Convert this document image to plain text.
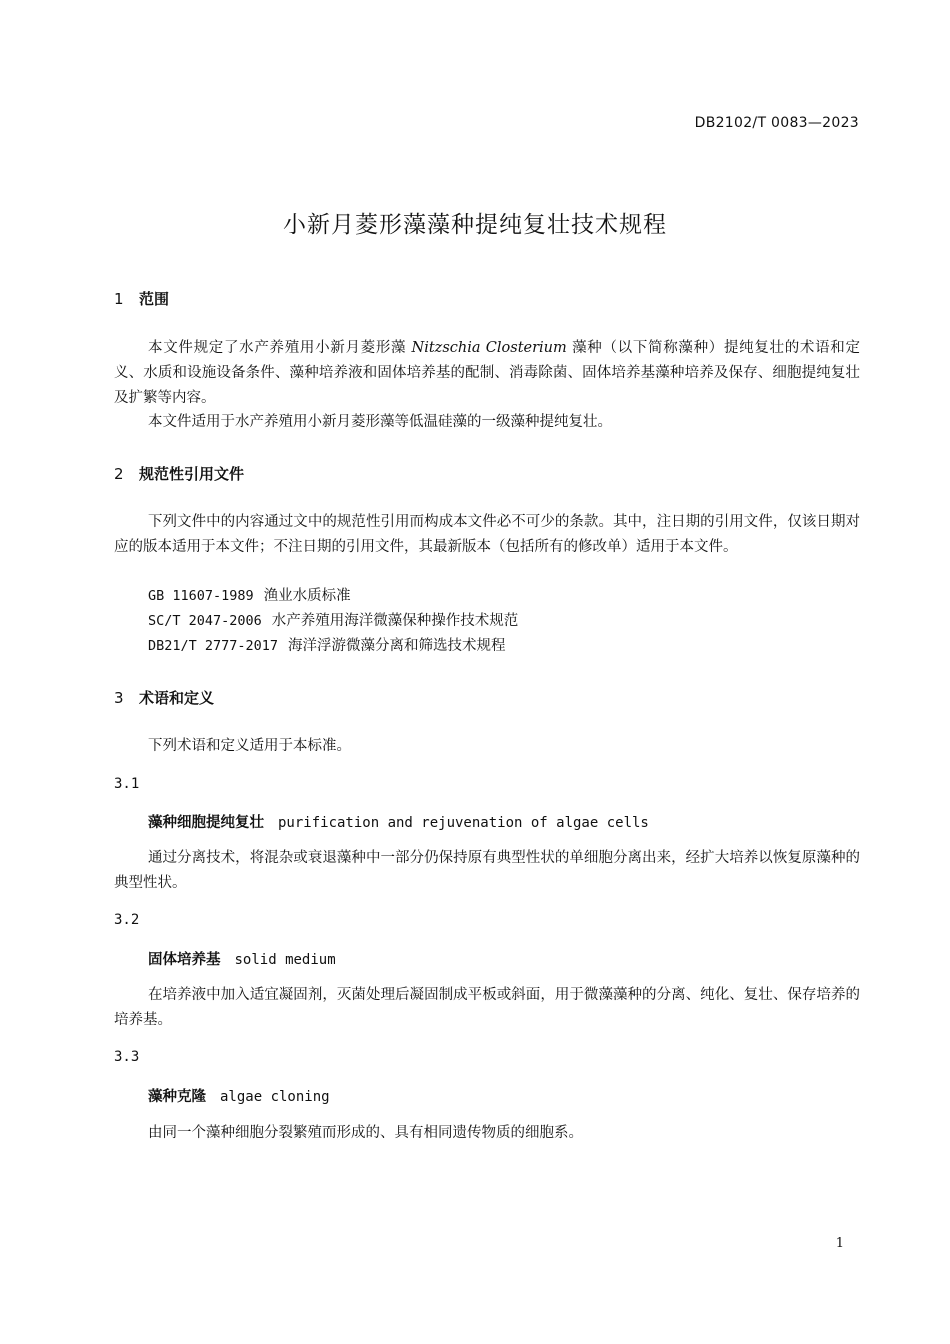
DB2102/T 0083—2023
小新月菱形藻藻种提纯复壮技术规程
1 范围
本文件规定了水产养殖用小新月菱形藻 Nitzschia Closterium 藻种（以下简称藻种）提纯复壮的术语和定义、水质和设施设备条件、藻种培养液和固体培养基的配制、消毒除菌、固体培养基藻种培养及保存、细胞提纯复壮及扩繁等内容。
本文件适用于水产养殖用小新月菱形藻等低温硅藻的一级藻种提纯复壮。
2 规范性引用文件
下列文件中的内容通过文中的规范性引用而构成本文件必不可少的条款。其中，注日期的引用文件，仅该日期对应的版本适用于本文件；不注日期的引用文件，其最新版本（包括所有的修改单）适用于本文件。
GB 11607-1989 渔业水质标准
SC/T 2047-2006 水产养殖用海洋微藻保种操作技术规范
DB21/T 2777-2017 海洋浮游微藻分离和筛选技术规程
3 术语和定义
下列术语和定义适用于本标准。
3.1
藻种细胞提纯复壮 purification and rejuvenation of algae cells
通过分离技术，将混杂或衰退藻种中一部分仍保持原有典型性状的单细胞分离出来，经扩大培养以恢复原藻种的典型性状。
3.2
固体培养基 solid medium
在培养液中加入适宜凝固剂，灭菌处理后凝固制成平板或斜面，用于微藻藻种的分离、纯化、复壮、保存培养的培养基。
3.3
藻种克隆 algae cloning
由同一个藻种细胞分裂繁殖而形成的、具有相同遗传物质的细胞系。
1
